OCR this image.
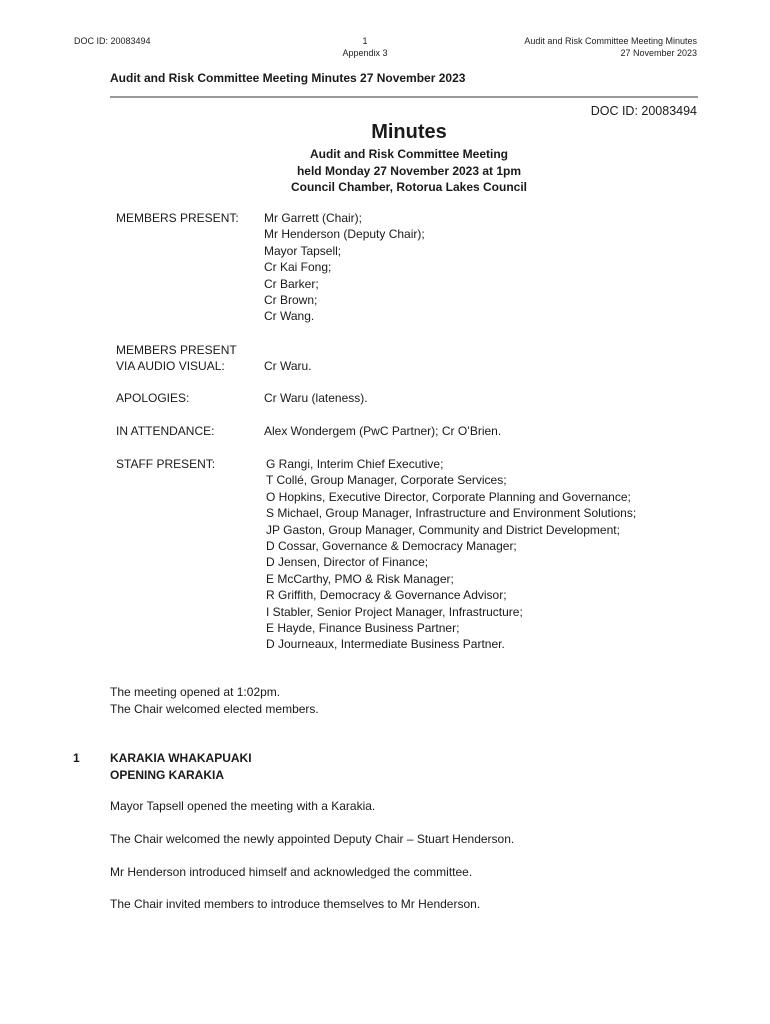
DOC ID: 20083494	1
Appendix 3
Audit and Risk Committee Meeting Minutes
27 November 2023
Audit and Risk Committee Meeting Minutes 27 November 2023
DOC ID: 20083494
Minutes
Audit and Risk Committee Meeting
held Monday 27 November 2023 at 1pm
Council Chamber, Rotorua Lakes Council
MEMBERS PRESENT: Mr Garrett (Chair);
Mr Henderson (Deputy Chair);
Mayor Tapsell;
Cr Kai Fong;
Cr Barker;
Cr Brown;
Cr Wang.
MEMBERS PRESENT
VIA AUDIO VISUAL:	Cr Waru.
APOLOGIES:	Cr Waru (lateness).
IN ATTENDANCE:	Alex Wondergem (PwC Partner); Cr O’Brien.
STAFF PRESENT:	G Rangi, Interim Chief Executive;
T Collé, Group Manager, Corporate Services;
O Hopkins, Executive Director, Corporate Planning and Governance;
S Michael, Group Manager, Infrastructure and Environment Solutions;
JP Gaston, Group Manager, Community and District Development;
D Cossar, Governance & Democracy Manager;
D Jensen, Director of Finance;
E McCarthy, PMO & Risk Manager;
R Griffith, Democracy & Governance Advisor;
I Stabler, Senior Project Manager, Infrastructure;
E Hayde, Finance Business Partner;
D Journeaux, Intermediate Business Partner.
The meeting opened at 1:02pm.
The Chair welcomed elected members.
1	KARAKIA WHAKAPUAKI
OPENING KARAKIA
Mayor Tapsell opened the meeting with a Karakia.
The Chair welcomed the newly appointed Deputy Chair – Stuart Henderson.
Mr Henderson introduced himself and acknowledged the committee.
The Chair invited members to introduce themselves to Mr Henderson.
